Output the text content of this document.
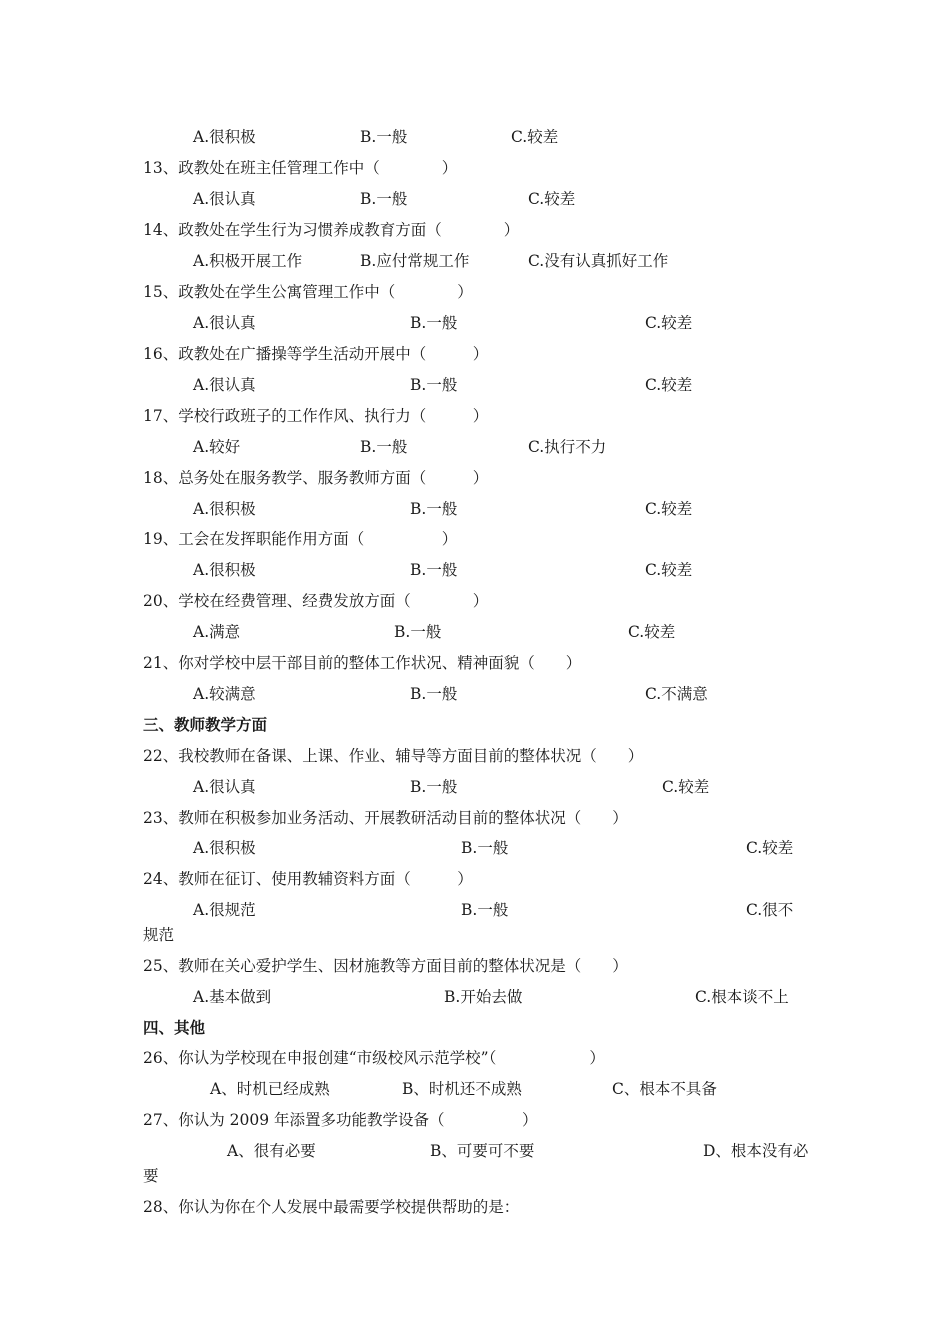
A.很积极	B.一般	C.较差
13、政教处在班主任管理工作中（　　　　）
A.很认真	B.一般	C.较差
14、政教处在学生行为习惯养成教育方面（　　　　）
A.积极开展工作	B.应付常规工作	C.没有认真抓好工作
15、政教处在学生公寓管理工作中（　　　　）
A.很认真	B.一般	C.较差
16、政教处在广播操等学生活动开展中（　　　）
A.很认真	B.一般	C.较差
17、学校行政班子的工作作风、执行力（　　　）
A.较好	B.一般	C.执行不力
18、总务处在服务教学、服务教师方面（　　　）
A.很积极	B.一般	C.较差
19、工会在发挥职能作用方面（　　　　　）
A.很积极	B.一般	C.较差
20、学校在经费管理、经费发放方面（　　　　）
A.满意	B.一般	C.较差
21、你对学校中层干部目前的整体工作状况、精神面貌（　　）
A.较满意	B.一般	C.不满意
三、教师教学方面
22、我校教师在备课、上课、作业、辅导等方面目前的整体状况（　　）
A.很认真	B.一般	C.较差
23、教师在积极参加业务活动、开展教研活动目前的整体状况（　　）
A.很积极	B.一般	C.较差
24、教师在征订、使用教辅资料方面（　　　）
A.很规范	B.一般	C.很不
规范
25、教师在关心爱护学生、因材施教等方面目前的整体状况是（　　）
A.基本做到	B.开始去做	C.根本谈不上
四、其他
26、你认为学校现在申报创建“市级校风示范学校”（　　　　　　）
A、时机已经成熟	B、时机还不成熟	C、根本不具备
27、你认为 2009 年添置多功能教学设备（　　　　　）
A、很有必要	B、可要可不要	D、根本没有必
要
28、你认为你在个人发展中最需要学校提供帮助的是：
